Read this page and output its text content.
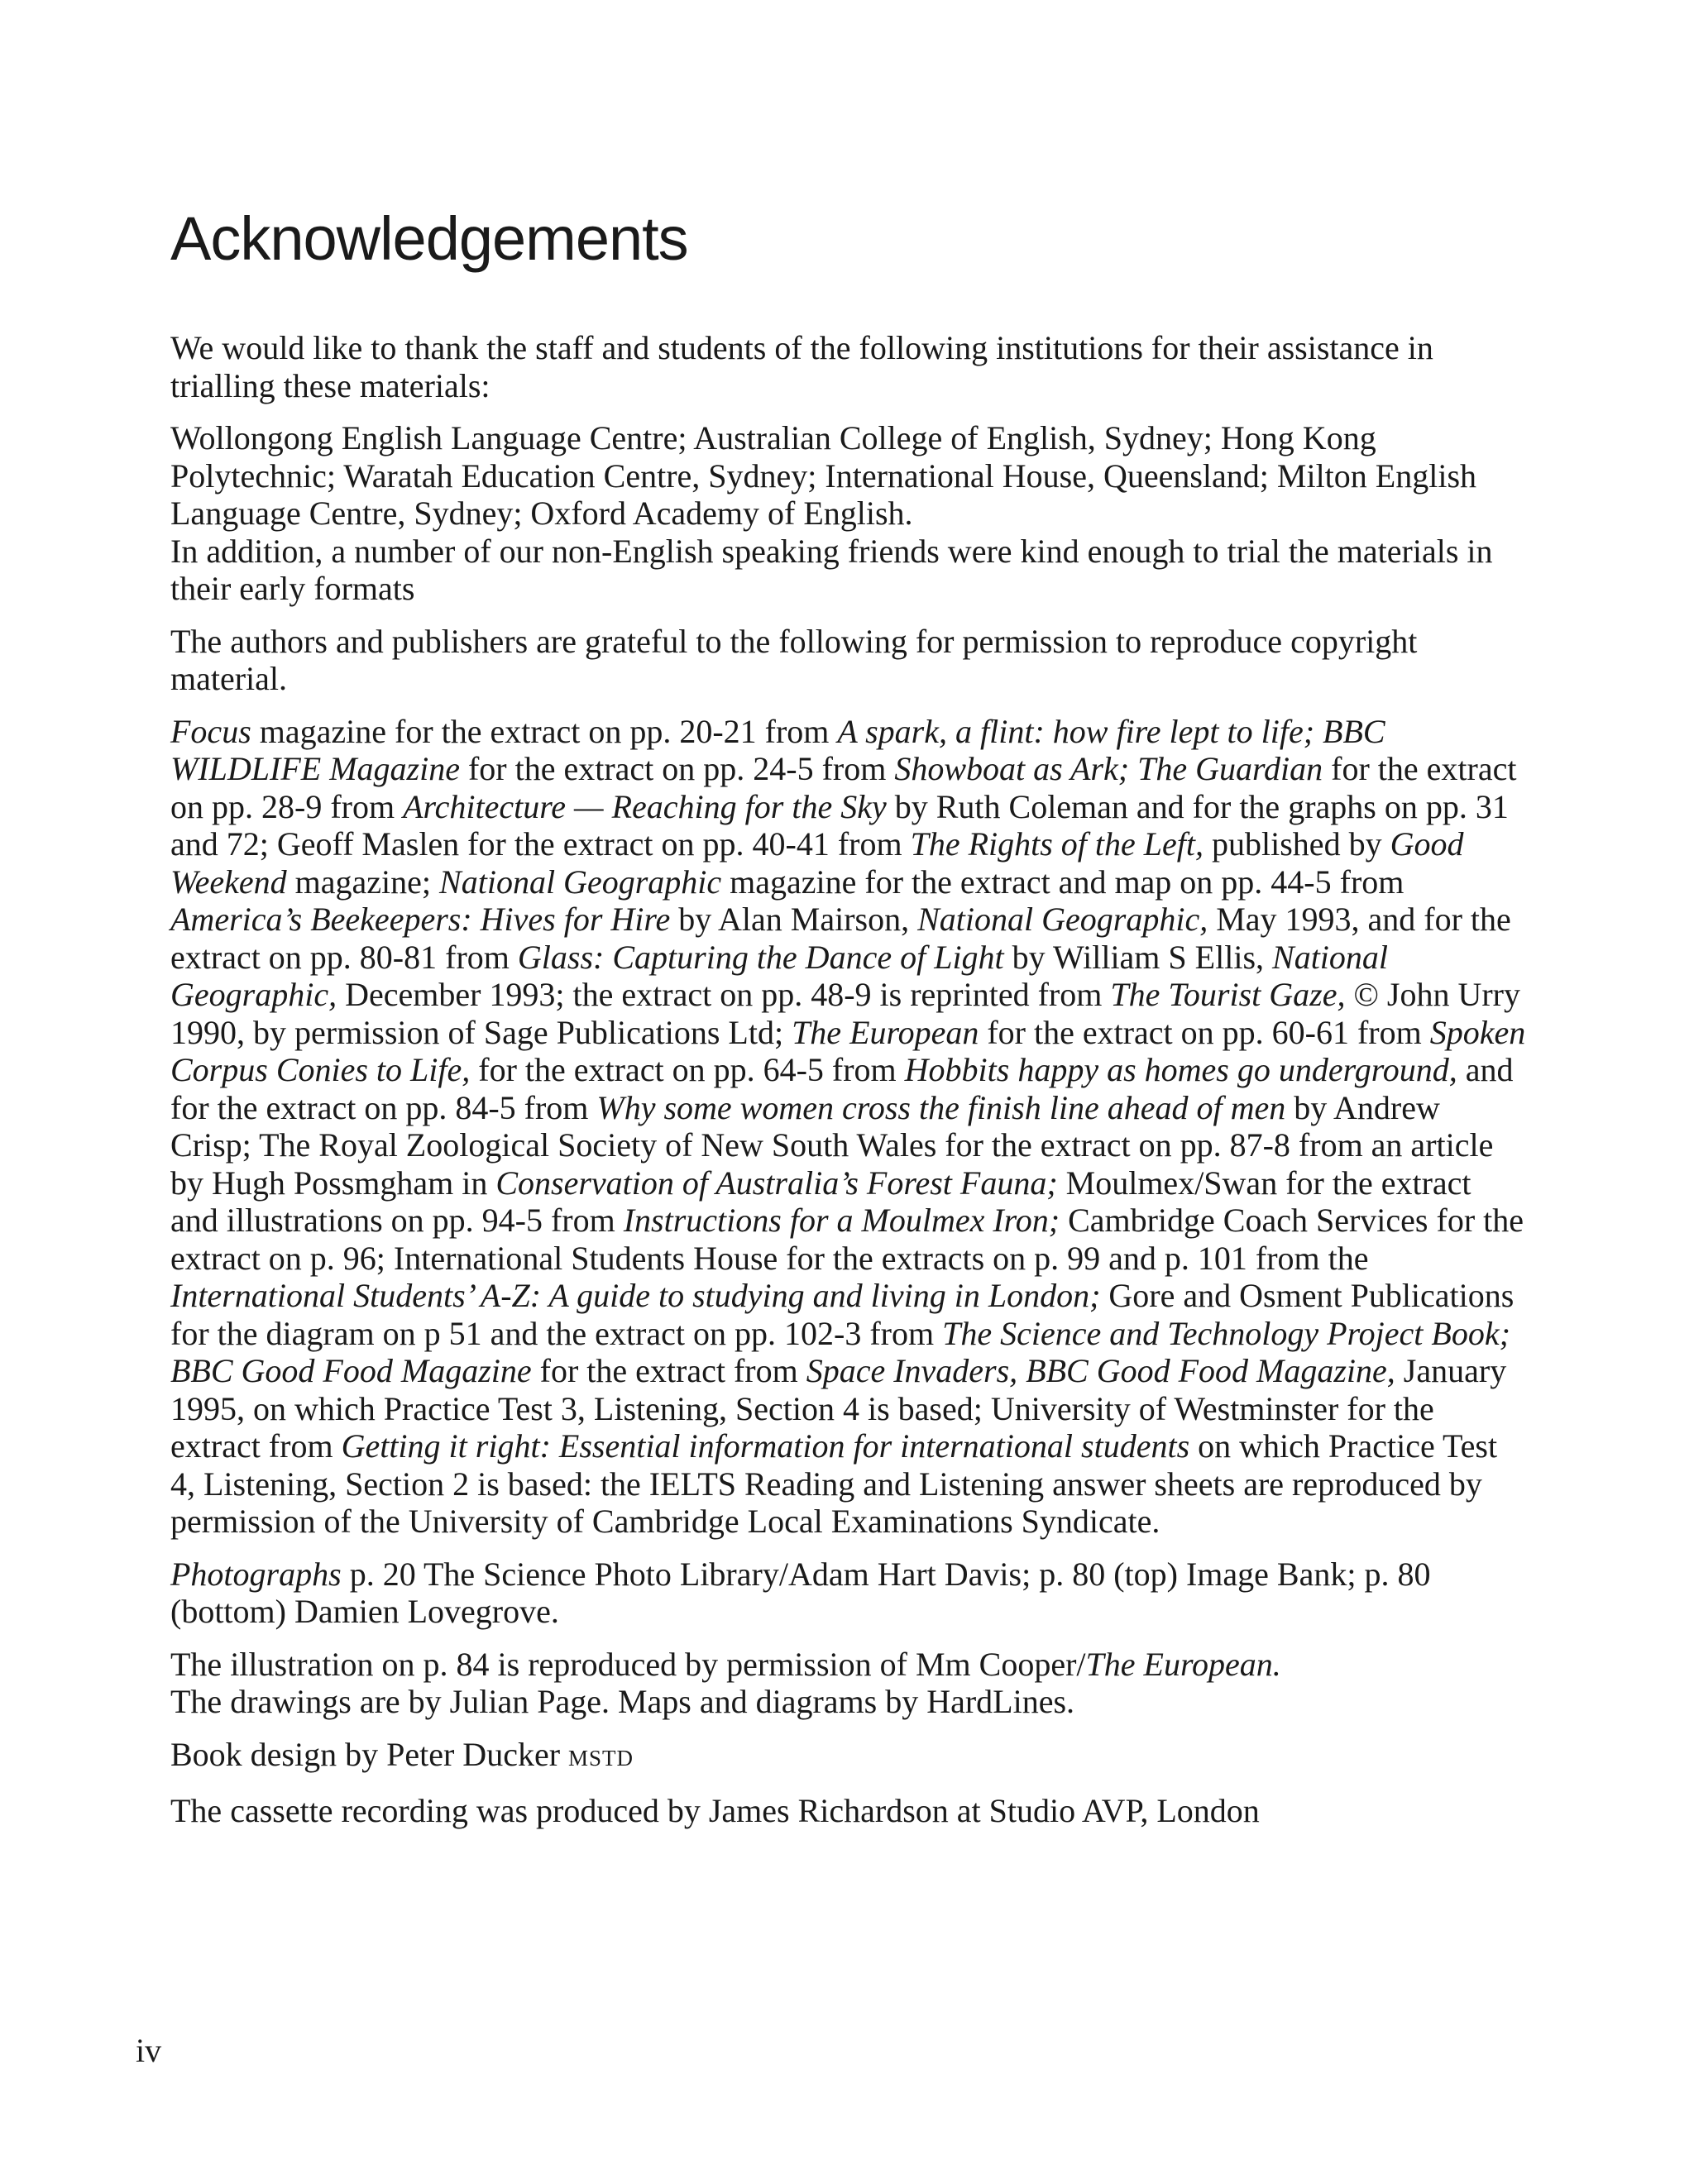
Acknowledgements

We would like to thank the staff and students of the following institutions for their assistance in trialling these materials:

Wollongong English Language Centre; Australian College of English, Sydney; Hong Kong Polytechnic; Waratah Education Centre, Sydney; International House, Queensland; Milton English Language Centre, Sydney; Oxford Academy of English.

In addition, a number of our non-English speaking friends were kind enough to trial the materials in their early formats

The authors and publishers are grateful to the following for permission to reproduce copyright material.

Focus magazine for the extract on pp. 20-21 from A spark, a flint: how fire lept to life; BBC WILDLIFE Magazine for the extract on pp. 24-5 from Showboat as Ark; The Guardian for the extract on pp. 28-9 from Architecture — Reaching for the Sky by Ruth Coleman and for the graphs on pp. 31 and 72; Geoff Maslen for the extract on pp. 40-41 from The Rights of the Left, published by Good Weekend magazine; National Geographic magazine for the extract and map on pp. 44-5 from America’s Beekeepers: Hives for Hire by Alan Mairson, National Geographic, May 1993, and for the extract on pp. 80-81 from Glass: Capturing the Dance of Light by William S Ellis, National Geographic, December 1993; the extract on pp. 48-9 is reprinted from The Tourist Gaze, © John Urry 1990, by permission of Sage Publications Ltd; The European for the extract on pp. 60-61 from Spoken Corpus Conies to Life, for the extract on pp. 64-5 from Hobbits happy as homes go underground, and for the extract on pp. 84-5 from Why some women cross the finish line ahead of men by Andrew Crisp; The Royal Zoological Society of New South Wales for the extract on pp. 87-8 from an article by Hugh Possmgham in Conservation of Australia’s Forest Fauna; Moulmex/Swan for the extract and illustrations on pp. 94-5 from Instructions for a Moulmex Iron; Cambridge Coach Services for the extract on p. 96; International Students House for the extracts on p. 99 and p. 101 from the International Students’ A-Z: A guide to studying and living in London; Gore and Osment Publications for the diagram on p 51 and the extract on pp. 102-3 from The Science and Technology Project Book; BBC Good Food Magazine for the extract from Space Invaders, BBC Good Food Magazine, January 1995, on which Practice Test 3, Listening, Section 4 is based; University of Westminster for the extract from Getting it right: Essential information for international students on which Practice Test 4, Listening, Section 2 is based: the IELTS Reading and Listening answer sheets are reproduced by permission of the University of Cambridge Local Examinations Syndicate.

Photographs p. 20 The Science Photo Library/Adam Hart Davis; p. 80 (top) Image Bank; p. 80 (bottom) Damien Lovegrove.

The illustration on p. 84 is reproduced by permission of Mm Cooper/The European.

The drawings are by Julian Page. Maps and diagrams by HardLines.

Book design by Peter Ducker MSTD

The cassette recording was produced by James Richardson at Studio AVP, London

iv
